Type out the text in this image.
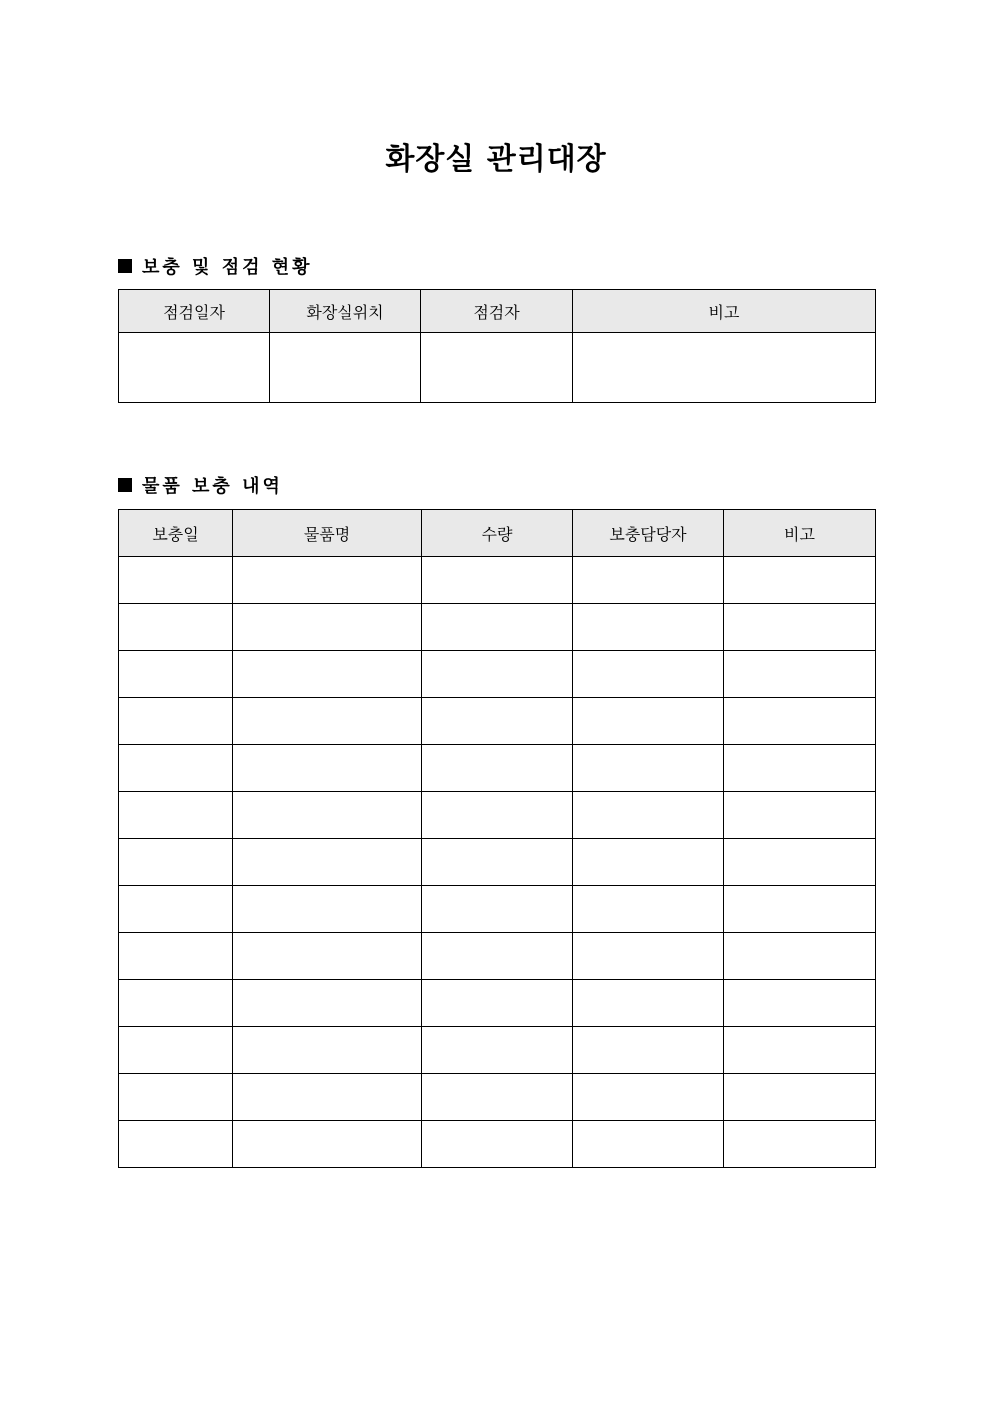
화장실 관리대장
보충 및 점검 현황
점검일자	화장실위치	점검자	비고

물품 보충 내역
보충일	물품명	수량	보충담당자	비고
